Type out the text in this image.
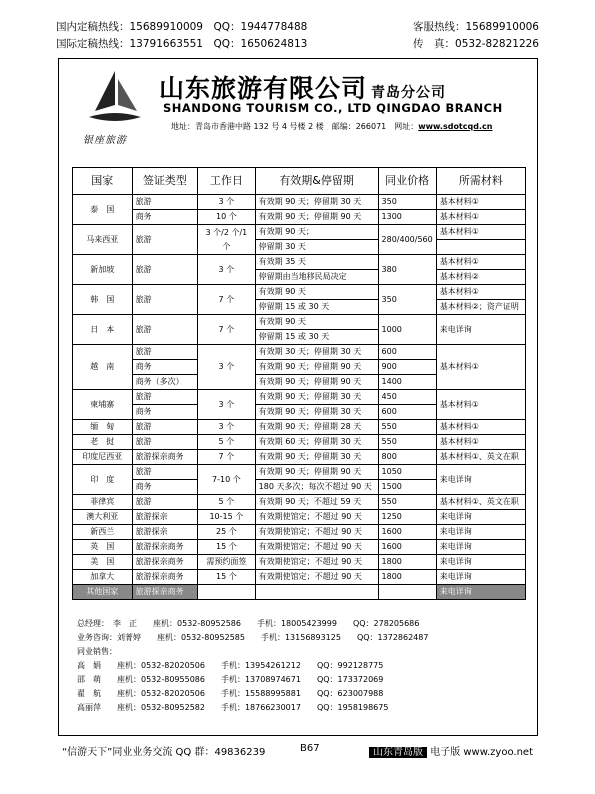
国内定稿热线：15689910009　QQ：1944778488	客服热线：15689910006
国际定稿热线：13791663551　QQ：1650624813	传　真：0532-82821226
银座旅游
山东旅游有限公司 青岛分公司
SHANDONG TOURISM CO., LTD QINGDAO BRANCH
地址：青岛市香港中路 132 号 4 号楼 2 楼　邮编：266071　网址：www.sdotcqd.cn
国家	签证类型	工作日	有效期&停留期	同业价格	所需材料
泰　国	旅游	3 个	有效期 90 天；停留期 30 天	350	基本材料①
	商务	10 个	有效期 90 天；停留期 90 天	1300	基本材料①
马来西亚	旅游	3 个/2 个/1 个	有效期 90 天；	280/400/560	基本材料①
			停留期 30 天		
新加坡	旅游	3 个	有效期 35 天	380	基本材料①
			停留期由当地移民局决定		基本材料②
韩　国	旅游	7 个	有效期 90 天	350	基本材料①
			停留期 15 或 30 天		基本材料②；资产证明
日　本	旅游	7 个	有效期 90 天	1000	来电详询
			停留期 15 或 30 天		
越　南	旅游	3 个	有效期 30 天；停留期 30 天	600	基本材料①
	商务		有效期 90 天；停留期 90 天	900	
	商务（多次）		有效期 90 天；停留期 90 天	1400	
柬埔寨	旅游	3 个	有效期 90 天；停留期 30 天	450	基本材料①
	商务		有效期 90 天；停留期 30 天	600	
缅　甸	旅游	3 个	有效期 90 天；停留期 28 天	550	基本材料①
老　挝	旅游	5 个	有效期 60 天；停留期 30 天	550	基本材料①
印度尼西亚	旅游探亲商务	7 个	有效期 90 天；停留期 30 天	800	基本材料①、英文在职
印　度	旅游	7-10 个	有效期 90 天；停留期 90 天	1050	来电详询
	商务		180 天多次；每次不超过 90 天	1500	
菲律宾	旅游	5 个	有效期 90 天；不超过 59 天	550	基本材料①、英文在职
澳大利亚	旅游探亲	10-15 个	有效期使馆定；不超过 90 天	1250	来电详询
新西兰	旅游探亲	25 个	有效期使馆定；不超过 90 天	1600	来电详询
英　国	旅游探亲商务	15 个	有效期使馆定；不超过 90 天	1600	来电详询
美　国	旅游探亲商务	需预约面签	有效期使馆定；不超过 90 天	1800	来电详询
加拿大	旅游探亲商务	15 个	有效期使馆定；不超过 90 天	1800	来电详询
其他国家	旅游探亲商务				来电详询
总经理：　李　正　　座机：0532-80952586　　手机：18005423999　　QQ：278205686
业务咨询：刘菁婷　　座机：0532-80952585　　手机：13156893125　　QQ：1372862487
同业销售：
高　娟　　座机：0532-82020506　　手机：13954261212　　QQ：992128775
邵　萌　　座机：0532-80955086　　手机：13708974671　　QQ：173372069
翟　航　　座机：0532-82020506　　手机：15588995881　　QQ：623007988
高丽萍　　座机：0532-80952582　　手机：18766230017　　QQ：1958198675
“信游天下”同业业务交流 QQ 群：49836239	B67	山东青岛版 电子版 www.zyoo.net
